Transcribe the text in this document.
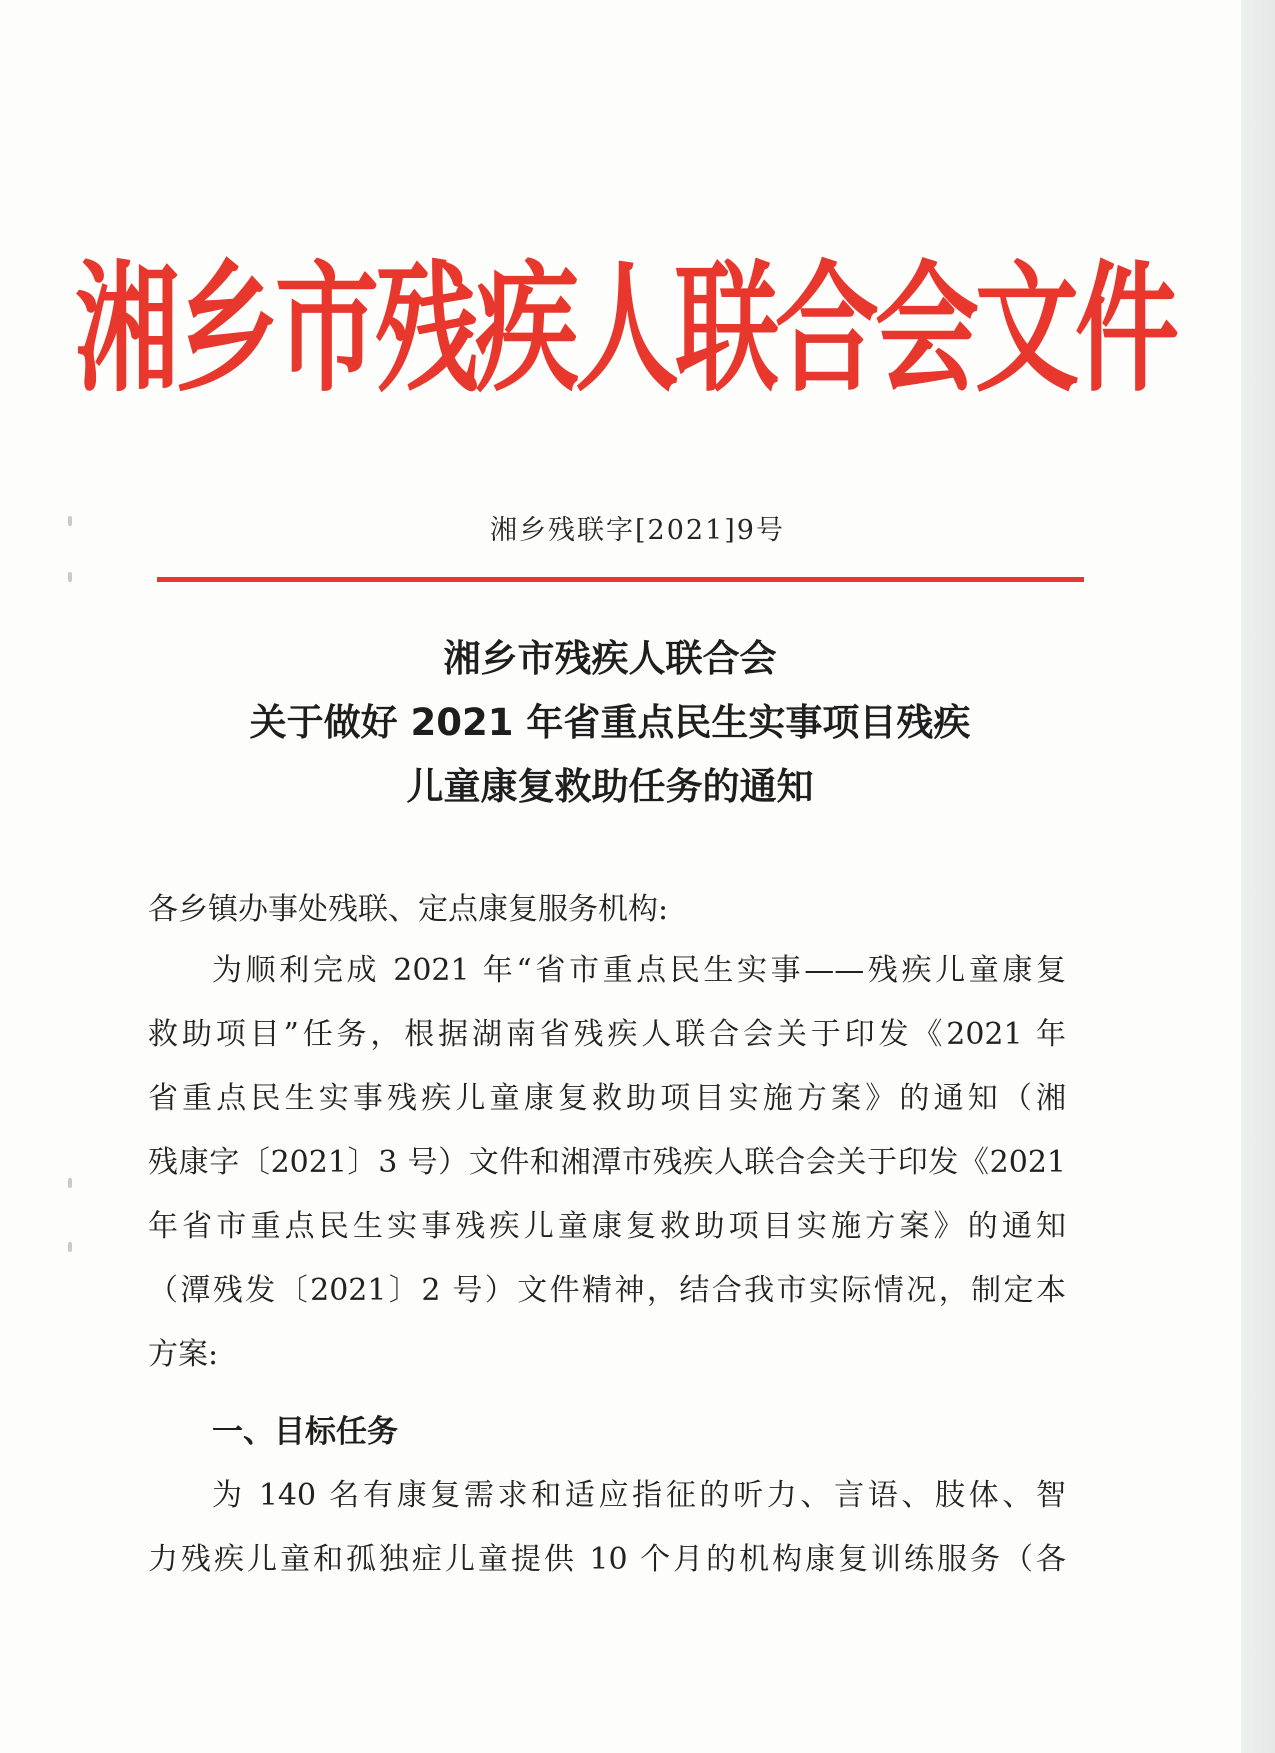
湘乡市残疾人联合会文件
湘乡残联字[2021]9号
湘乡市残疾人联合会
关于做好 2021 年省重点民生实事项目残疾
儿童康复救助任务的通知
各乡镇办事处残联、定点康复服务机构:
为顺利完成 2021 年“省市重点民生实事——残疾儿童康复
救助项目”任务，根据湖南省残疾人联合会关于印发《2021 年
省重点民生实事残疾儿童康复救助项目实施方案》的通知（湘
残康字〔2021〕3 号）文件和湘潭市残疾人联合会关于印发《2021
年省市重点民生实事残疾儿童康复救助项目实施方案》的通知
（潭残发〔2021〕2 号）文件精神，结合我市实际情况，制定本
方案:
一、目标任务
为 140 名有康复需求和适应指征的听力、言语、肢体、智
力残疾儿童和孤独症儿童提供 10 个月的机构康复训练服务（各
